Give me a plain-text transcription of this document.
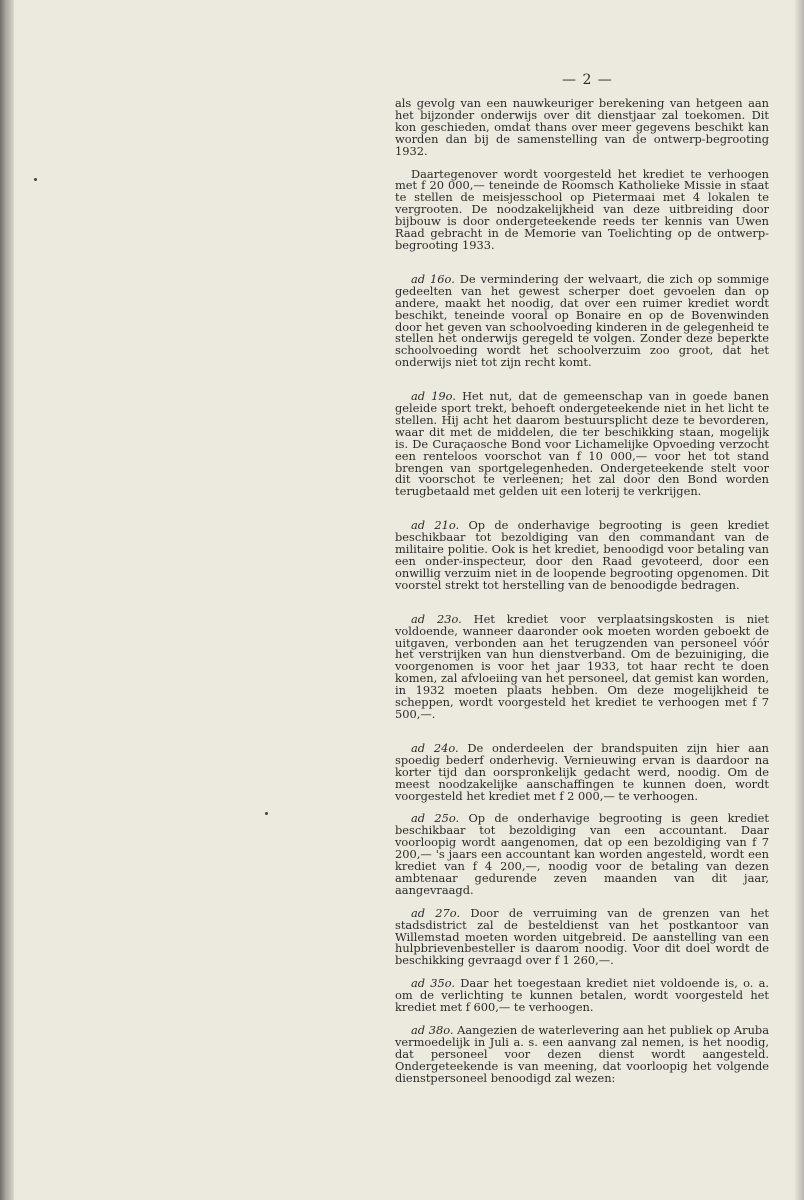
— 2 —

als gevolg van een nauwkeuriger berekening van hetgeen aan het bijzonder onderwijs over dit dienstjaar zal toekomen. Dit kon geschieden, omdat thans over meer gegevens beschikt kan worden dan bij de samenstelling van de ontwerp-begrooting 1932.

Daartegenover wordt voorgesteld het krediet te verhoogen met f 20 000,— teneinde de Roomsch Katholieke Missie in staat te stellen de meisjesschool op Pietermaai met 4 lokalen te vergrooten. De noodzakelijkheid van deze uitbreiding door bijbouw is door ondergeteekende reeds ter kennis van Uwen Raad gebracht in de Memorie van Toelichting op de ontwerp-begrooting 1933.

ad 16o. De vermindering der welvaart, die zich op sommige gedeelten van het gewest scherper doet gevoelen dan op andere, maakt het noodig, dat over een ruimer krediet wordt beschikt, teneinde vooral op Bonaire en op de Bovenwinden door het geven van schoolvoeding kinderen in de gelegenheid te stellen het onderwijs geregeld te volgen. Zonder deze beperkte schoolvoeding wordt het schoolverzuim zoo groot, dat het onderwijs niet tot zijn recht komt.

ad 19o. Het nut, dat de gemeenschap van in goede banen geleide sport trekt, behoeft ondergeteekende niet in het licht te stellen. Hij acht het daarom bestuursplicht deze te bevorderen, waar dit met de middelen, die ter beschikking staan, mogelijk is. De Curaçaosche Bond voor Lichamelijke Opvoeding verzocht een renteloos voorschot van f 10 000,— voor het tot stand brengen van sportgelegenheden. Ondergeteekende stelt voor dit voorschot te verleenen; het zal door den Bond worden terugbetaald met gelden uit een loterij te verkrijgen.

ad 21o. Op de onderhavige begrooting is geen krediet beschikbaar tot bezoldiging van den commandant van de militaire politie. Ook is het krediet, benoodigd voor betaling van een onder-inspecteur, door den Raad gevoteerd, door een onwillig verzuim niet in de loopende begrooting opgenomen. Dit voorstel strekt tot herstelling van de benoodigde bedragen.

ad 23o. Het krediet voor verplaatsingskosten is niet voldoende, wanneer daaronder ook moeten worden geboekt de uitgaven, verbonden aan het terugzenden van personeel vóór het verstrijken van hun dienstverband. Om de bezuiniging, die voorgenomen is voor het jaar 1933, tot haar recht te doen komen, zal afvloeiing van het personeel, dat gemist kan worden, in 1932 moeten plaats hebben. Om deze mogelijkheid te scheppen, wordt voorgesteld het krediet te verhoogen met f 7 500,—.

ad 24o. De onderdeelen der brandspuiten zijn hier aan spoedig bederf onderhevig. Vernieuwing ervan is daardoor na korter tijd dan oorspronkelijk gedacht werd, noodig. Om de meest noodzakelijke aanschaffingen te kunnen doen, wordt voorgesteld het krediet met f 2 000,— te verhoogen.

ad 25o. Op de onderhavige begrooting is geen krediet beschikbaar tot bezoldiging van een accountant. Daar voorloopig wordt aangenomen, dat op een bezoldiging van f 7 200,— 's jaars een accountant kan worden angesteld, wordt een krediet van f 4 200,—, noodig voor de betaling van dezen ambtenaar gedurende zeven maanden van dit jaar, aangevraagd.

ad 27o. Door de verruiming van de grenzen van het stadsdistrict zal de besteldienst van het postkantoor van Willemstad moeten worden uitgebreid. De aanstelling van een hulpbrievenbesteller is daarom noodig. Voor dit doel wordt de beschikking gevraagd over f 1 260,—.

ad 35o. Daar het toegestaan krediet niet voldoende is, o. a. om de verlichting te kunnen betalen, wordt voorgesteld het krediet met f 600,— te verhoogen.

ad 38o. Aangezien de waterlevering aan het publiek op Aruba vermoedelijk in Juli a. s. een aanvang zal nemen, is het noodig, dat personeel voor dezen dienst wordt aangesteld. Ondergeteekende is van meening, dat voorloopig het volgende dienstpersoneel benoodigd zal wezen:
